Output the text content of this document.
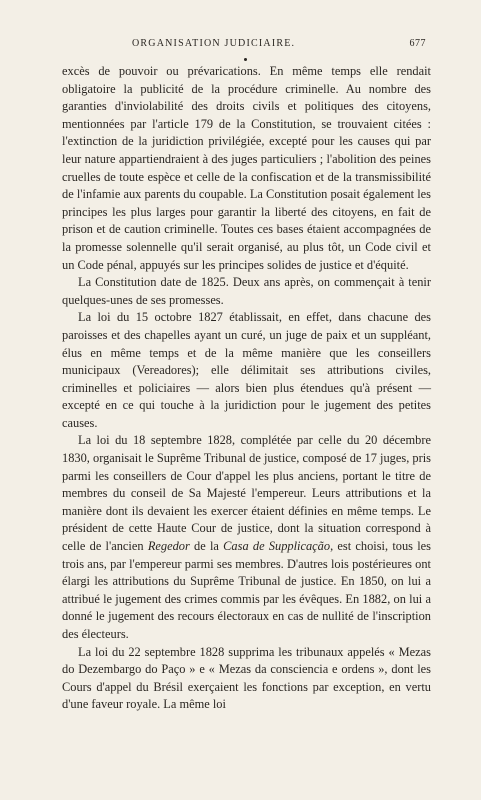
ORGANISATION JUDICIAIRE.	677

excès de pouvoir ou prévarications. En même temps elle rendait obligatoire la publicité de la procédure criminelle. Au nombre des garanties d'inviolabilité des droits civils et politiques des citoyens, mentionnées par l'article 179 de la Constitution, se trouvaient citées : l'extinction de la juridiction privilégiée, excepté pour les causes qui par leur nature appartiendraient à des juges particuliers ; l'abolition des peines cruelles de toute espèce et celle de la confiscation et de la transmissibilité de l'infamie aux parents du coupable. La Constitution posait également les principes les plus larges pour garantir la liberté des citoyens, en fait de prison et de caution criminelle. Toutes ces bases étaient accompagnées de la promesse solennelle qu'il serait organisé, au plus tôt, un Code civil et un Code pénal, appuyés sur les principes solides de justice et d'équité.

La Constitution date de 1825. Deux ans après, on commençait à tenir quelques-unes de ses promesses.

La loi du 15 octobre 1827 établissait, en effet, dans chacune des paroisses et des chapelles ayant un curé, un juge de paix et un suppléant, élus en même temps et de la même manière que les conseillers municipaux (Vereadores); elle délimitait ses attributions civiles, criminelles et policiaires — alors bien plus étendues qu'à présent — excepté en ce qui touche à la juridiction pour le jugement des petites causes.

La loi du 18 septembre 1828, complétée par celle du 20 décembre 1830, organisait le Suprême Tribunal de justice, composé de 17 juges, pris parmi les conseillers de Cour d'appel les plus anciens, portant le titre de membres du conseil de Sa Majesté l'empereur. Leurs attributions et la manière dont ils devaient les exercer étaient définies en même temps. Le président de cette Haute Cour de justice, dont la situation correspond à celle de l'ancien Regedor de la Casa de Supplicação, est choisi, tous les trois ans, par l'empereur parmi ses membres. D'autres lois postérieures ont élargi les attributions du Suprême Tribunal de justice. En 1850, on lui a attribué le jugement des crimes commis par les évêques. En 1882, on lui a donné le jugement des recours électoraux en cas de nullité de l'inscription des électeurs.

La loi du 22 septembre 1828 supprima les tribunaux appelés « Mezas do Dezembargo do Paço » e « Mezas da consciencia e ordens », dont les Cours d'appel du Brésil exerçaient les fonctions par exception, en vertu d'une faveur royale. La même loi
